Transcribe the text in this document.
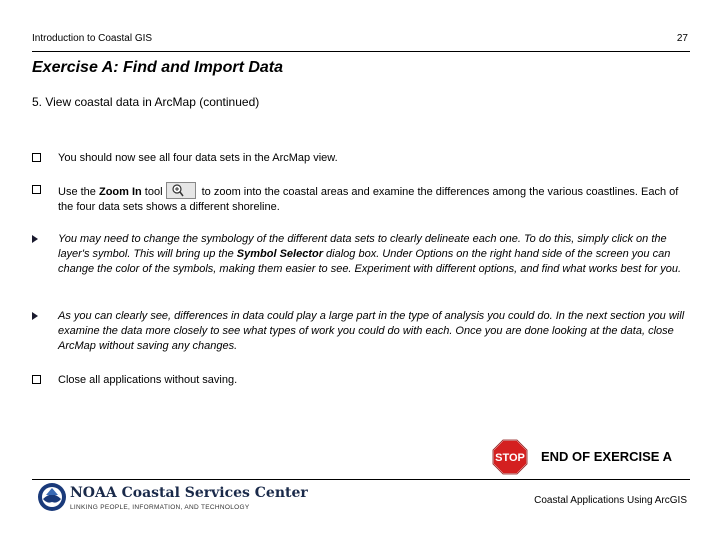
Introduction to Coastal GIS	27
Exercise A: Find and Import Data
5. View coastal data in ArcMap (continued)
You should now see all four data sets in the ArcMap view.
Use the Zoom In tool	to zoom into the coastal areas and examine the differences among the various coastlines. Each of the four data sets shows a different shoreline.
You may need to change the symbology of the different data sets to clearly delineate each one. To do this, simply click on the layer's symbol. This will bring up the Symbol Selector dialog box. Under Options on the right hand side of the screen you can change the color of the symbols, making them easier to see. Experiment with different options, and find what works best for you.
As you can clearly see, differences in data could play a large part in the type of analysis you could do. In the next section you will examine the data more closely to see what types of work you could do with each. Once you are done looking at the data, close ArcMap without saving any changes.
Close all applications without saving.
STOP END OF EXERCISE A
NOAA Coastal Services Center
LINKING PEOPLE, INFORMATION, AND TECHNOLOGY
Coastal Applications Using ArcGIS
